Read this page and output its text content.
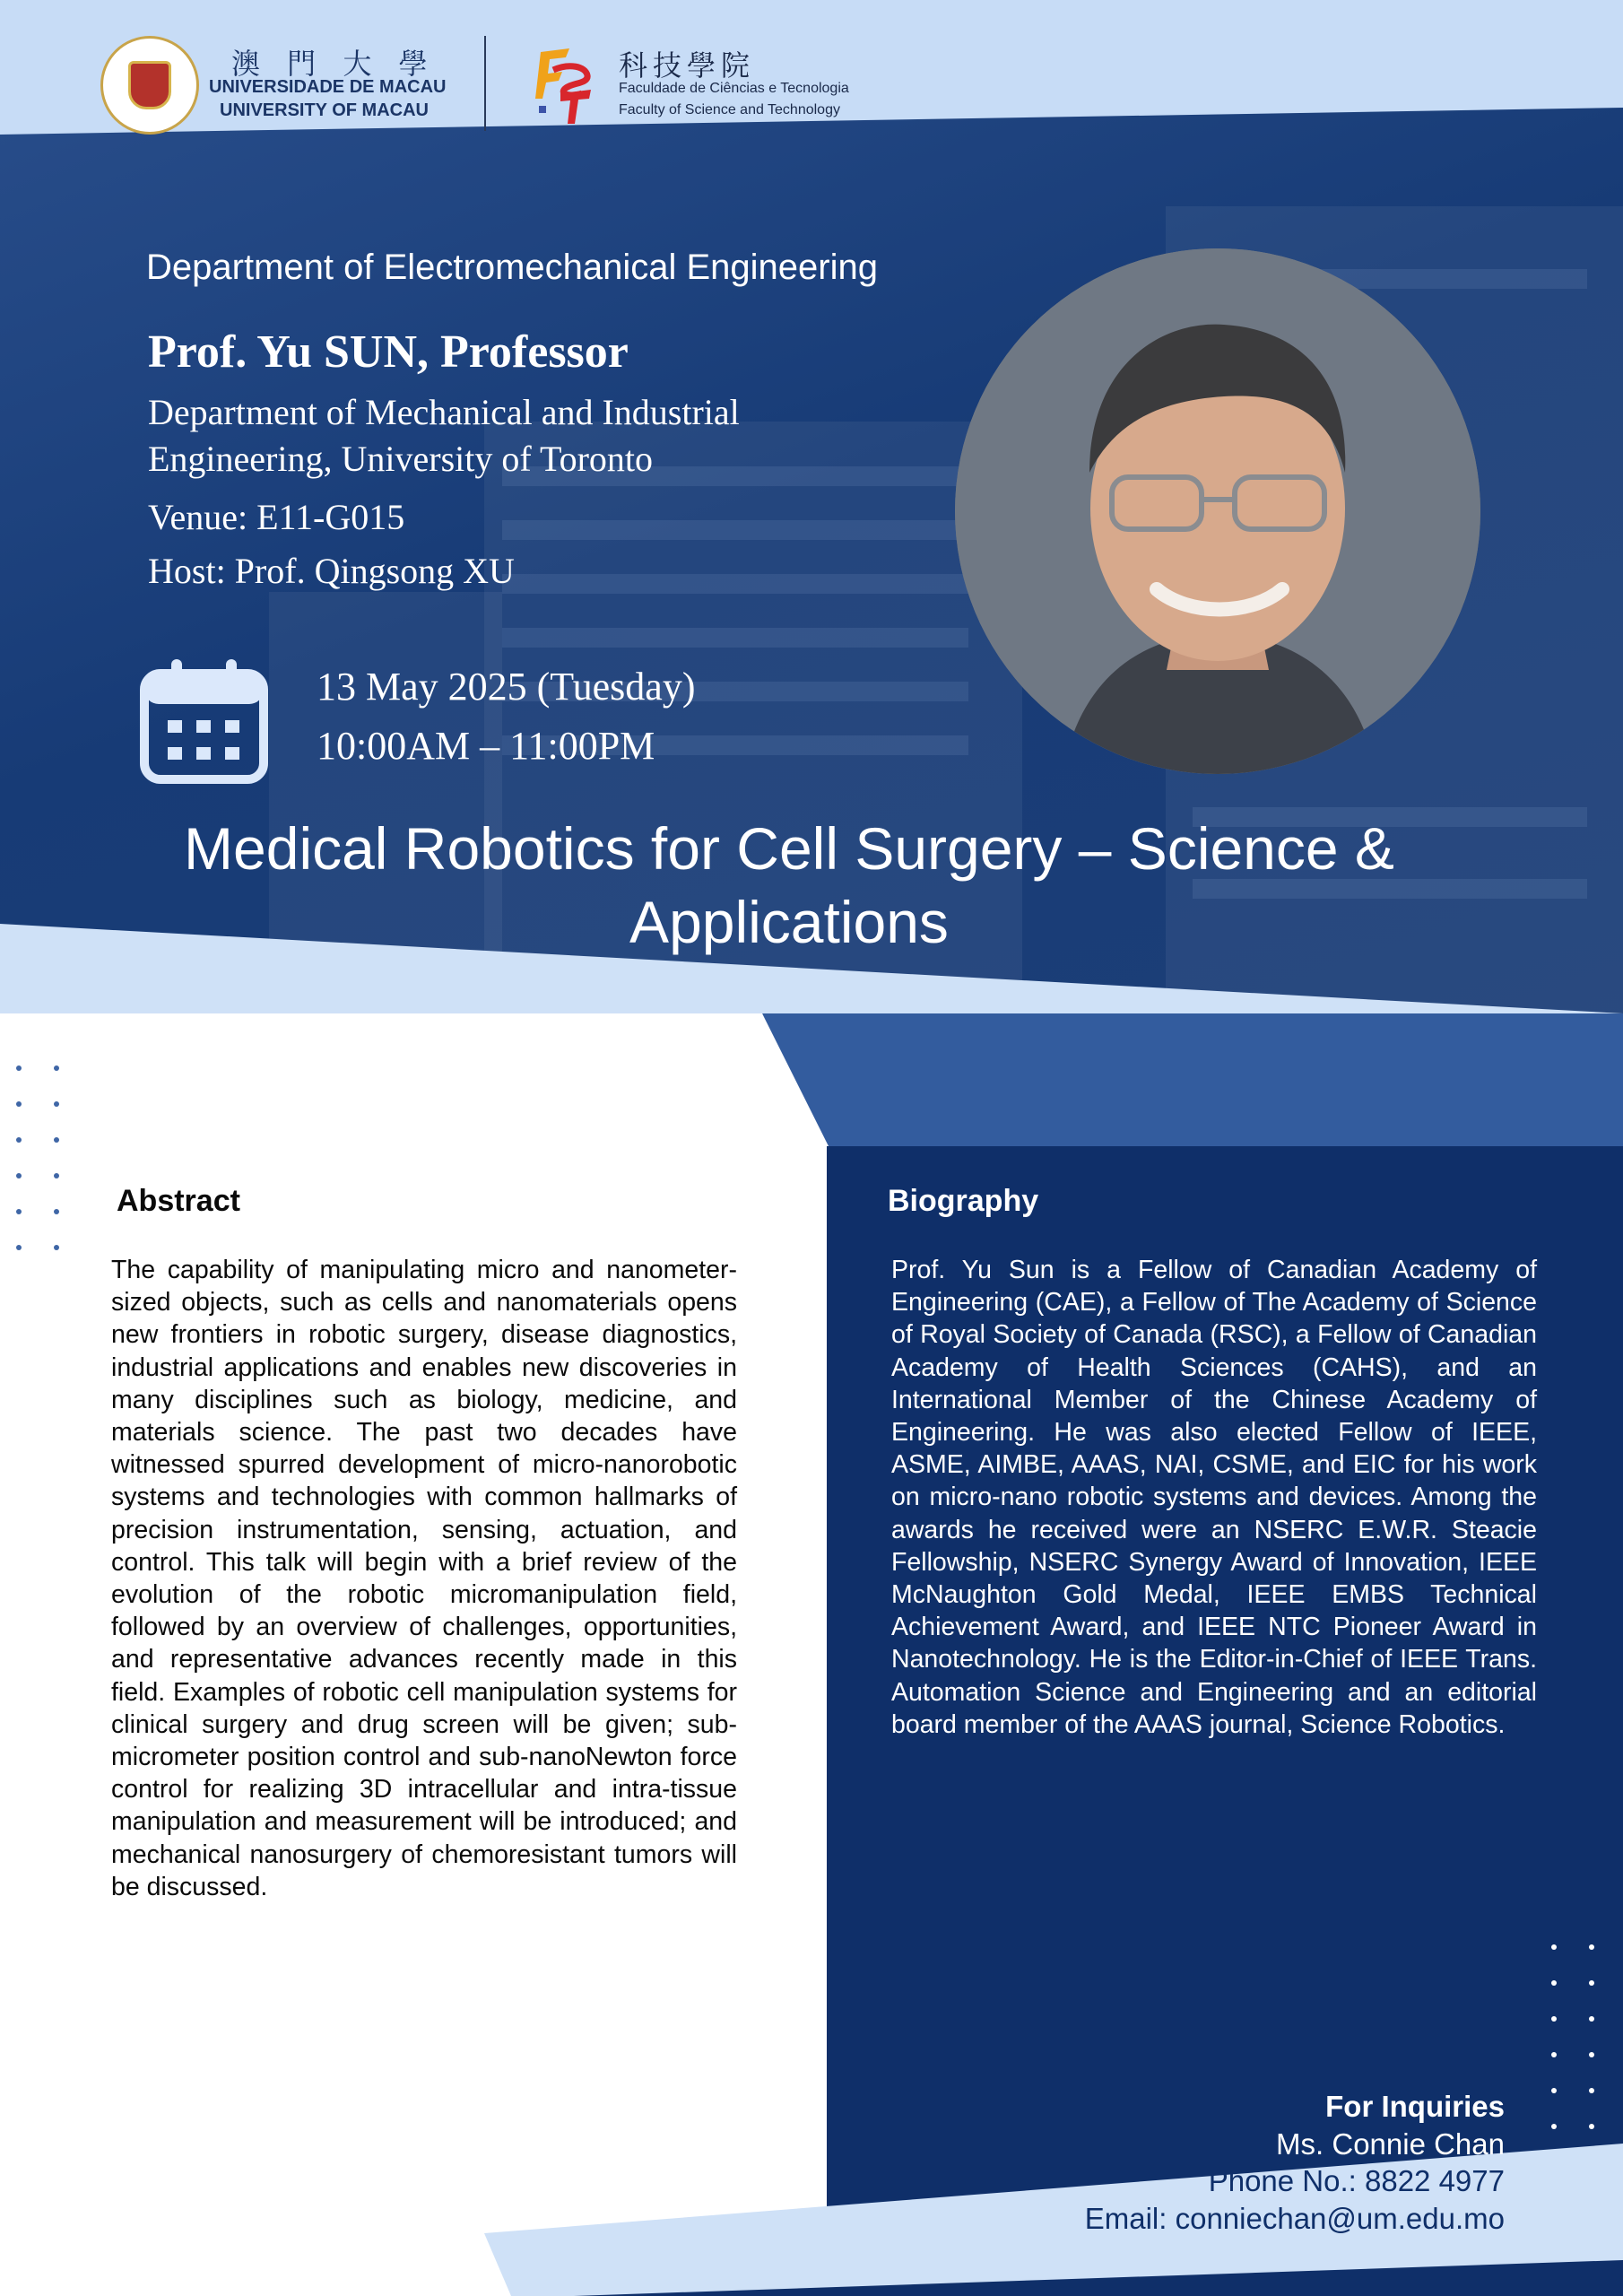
澳 門 大 學
UNIVERSIDADE DE MACAU
UNIVERSITY OF MACAU
科技學院
Faculdade de Ciências e Tecnologia
Faculty of Science and Technology
Department of Electromechanical Engineering
Prof. Yu SUN, Professor
Department of Mechanical and Industrial
Engineering, University of Toronto
Venue: E11-G015
Host: Prof. Qingsong XU
13 May 2025 (Tuesday)
10:00AM – 11:00PM
Medical Robotics for Cell Surgery – Science & Applications
Abstract
The capability of manipulating micro and nanometer-sized objects, such as cells and nanomaterials opens new frontiers in robotic surgery, disease diagnostics, industrial applications and enables new discoveries in many disciplines such as biology, medicine, and materials science. The past two decades have witnessed spurred development of micro-nanorobotic systems and technologies with common hallmarks of precision instrumentation, sensing, actuation, and control. This talk will begin with a brief review of the evolution of the robotic micromanipulation field, followed by an overview of challenges, opportunities, and representative advances recently made in this field. Examples of robotic cell manipulation systems for clinical surgery and drug screen will be given; sub-micrometer position control and sub-nanoNewton force control for realizing 3D intracellular and intra-tissue manipulation and measurement will be introduced; and mechanical nanosurgery of chemoresistant tumors will be discussed.
Biography
Prof. Yu Sun is a Fellow of Canadian Academy of Engineering (CAE), a Fellow of The Academy of Science of Royal Society of Canada (RSC), a Fellow of Canadian Academy of Health Sciences (CAHS), and an International Member of the Chinese Academy of Engineering. He was also elected Fellow of IEEE, ASME, AIMBE, AAAS, NAI, CSME, and EIC for his work on micro-nano robotic systems and devices. Among the awards he received were an NSERC E.W.R. Steacie Fellowship, NSERC Synergy Award of Innovation, IEEE McNaughton Gold Medal, IEEE EMBS Technical Achievement Award, and IEEE NTC Pioneer Award in Nanotechnology. He is the Editor-in-Chief of IEEE Trans. Automation Science and Engineering and an editorial board member of the AAAS journal, Science Robotics.
For Inquiries
Ms. Connie Chan
Phone No.: 8822 4977
Email: conniechan@um.edu.mo
